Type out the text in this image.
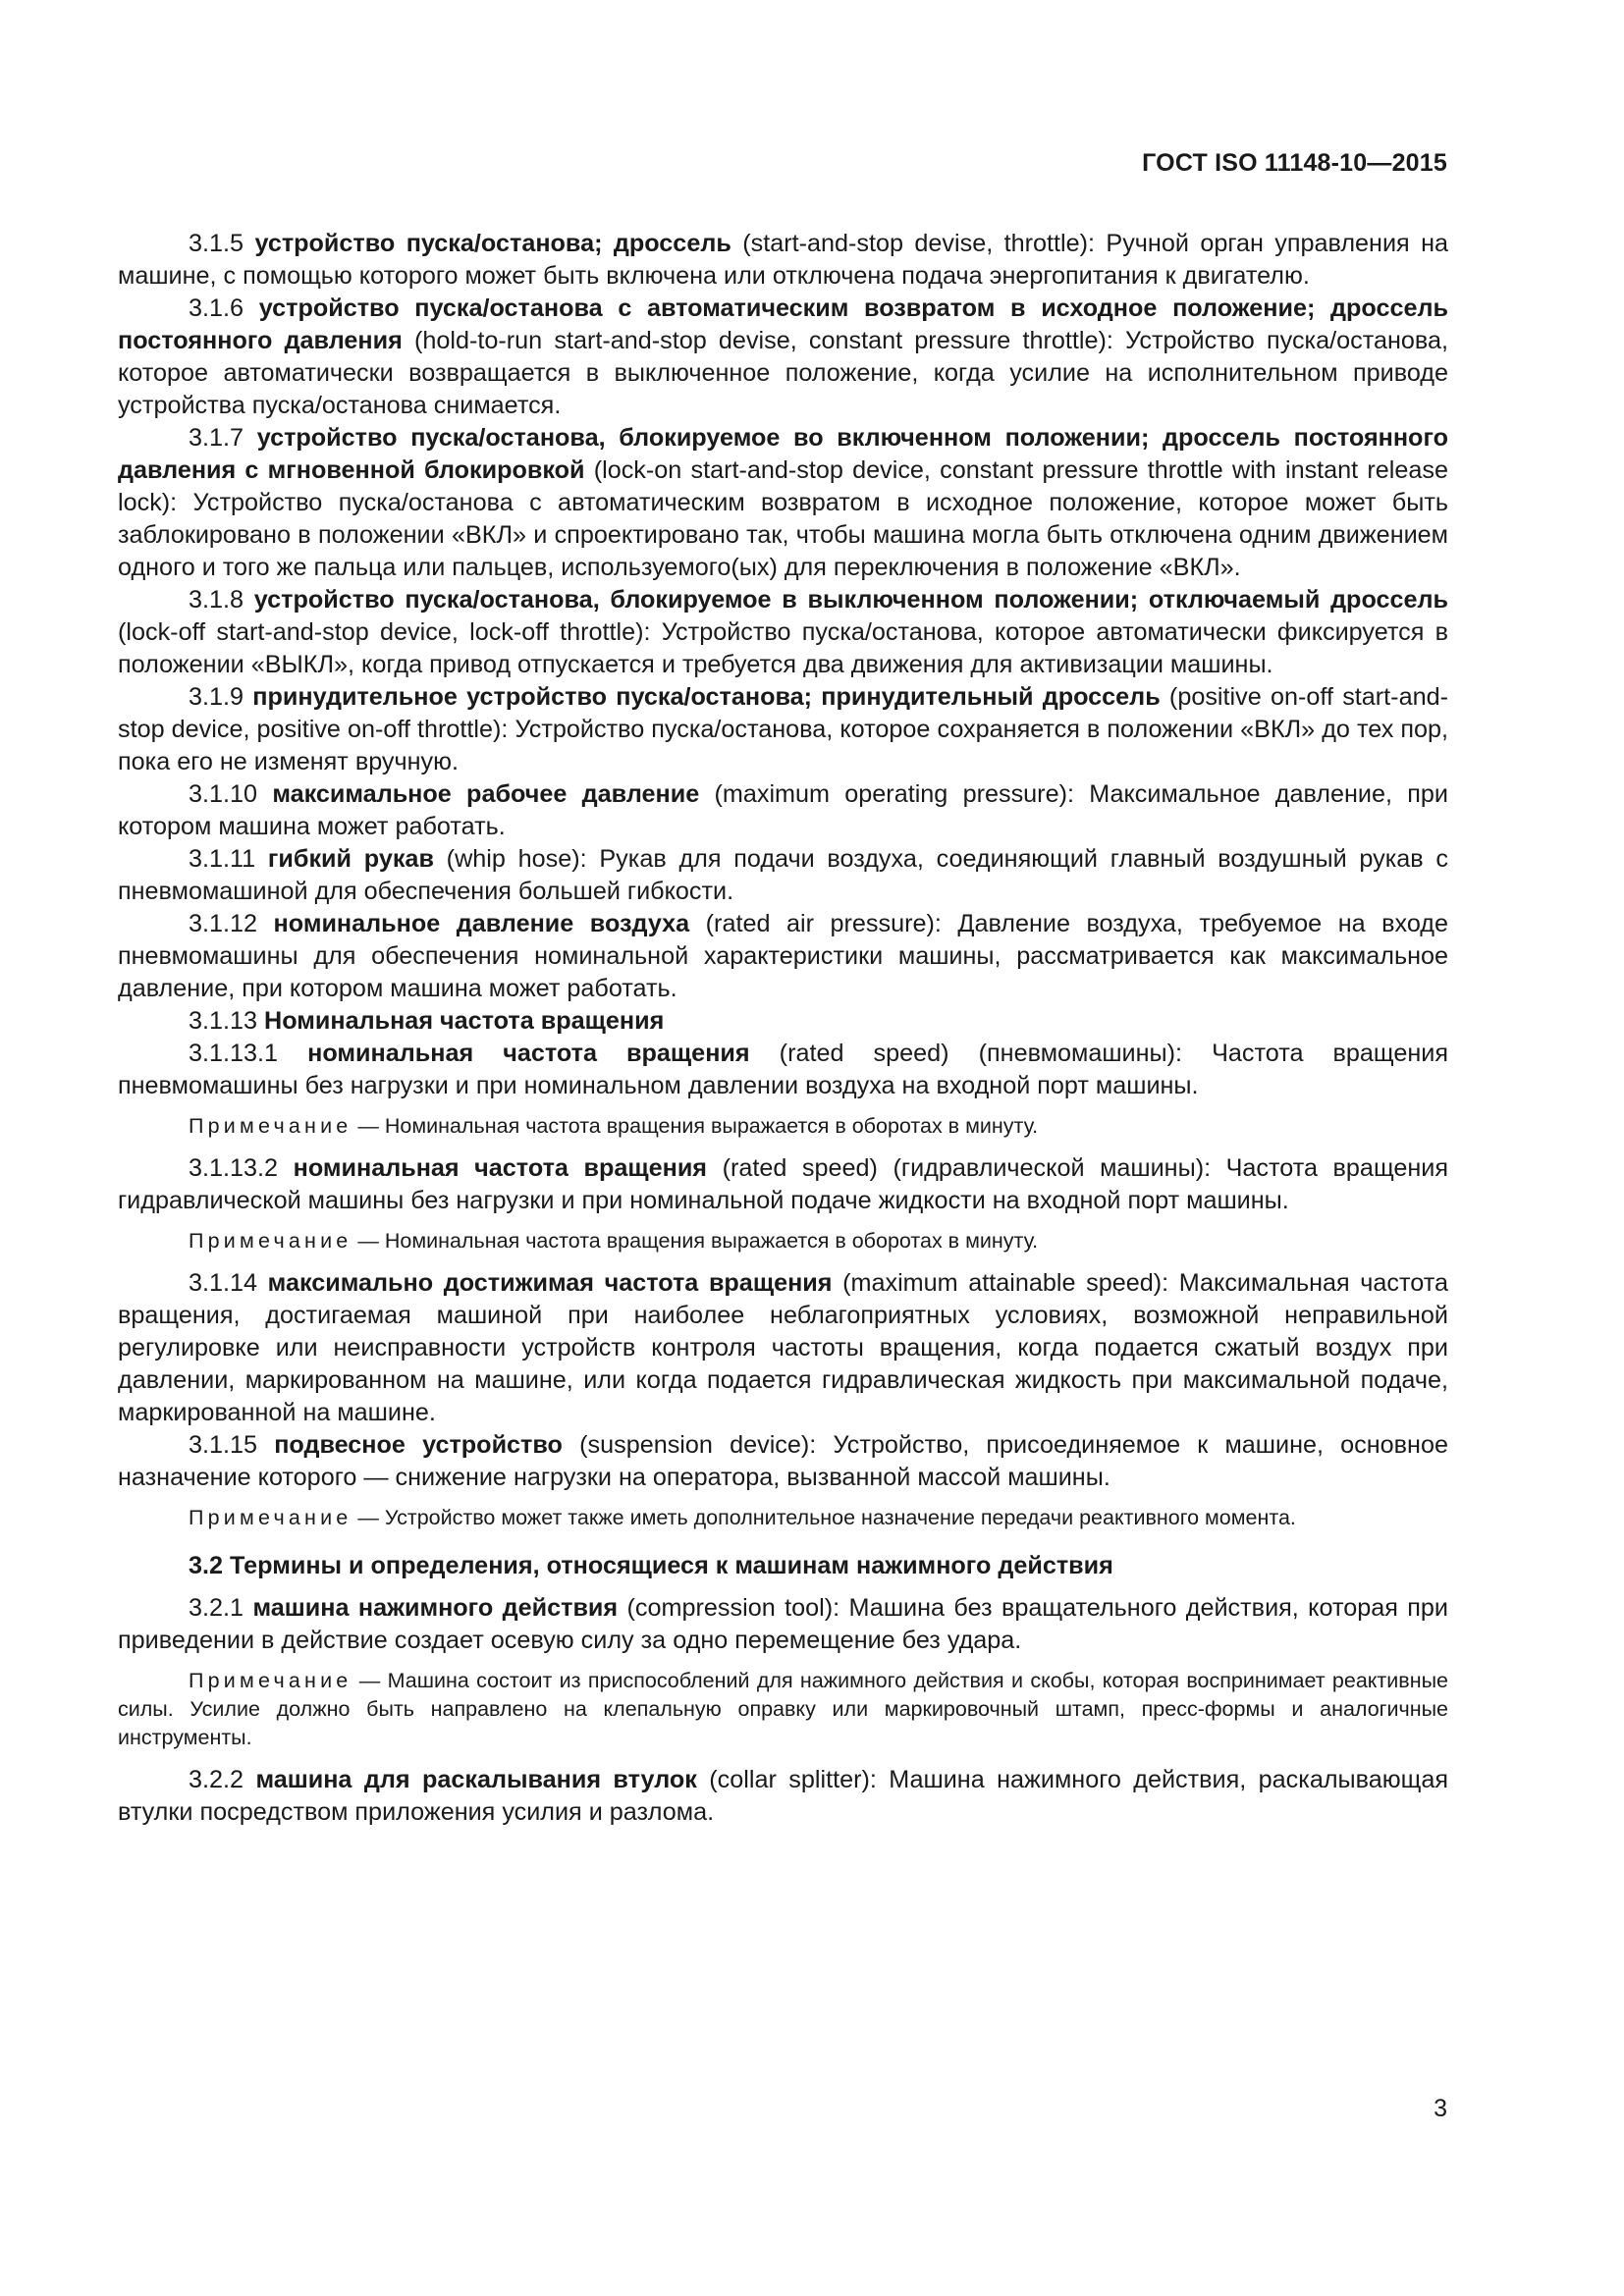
ГОСТ ISO 11148-10—2015

3.1.5 устройство пуска/останова; дроссель (start-and-stop devise, throttle): Ручной орган управления на машине, с помощью которого может быть включена или отключена подача энергопитания к двигателю.

3.1.6 устройство пуска/останова с автоматическим возвратом в исходное положение; дроссель постоянного давления (hold-to-run start-and-stop devise, constant pressure throttle): Устройство пуска/останова, которое автоматически возвращается в выключенное положение, когда усилие на исполнительном приводе устройства пуска/останова снимается.

3.1.7 устройство пуска/останова, блокируемое во включенном положении; дроссель постоянного давления с мгновенной блокировкой (lock-on start-and-stop device, constant pressure throttle with instant release lock): Устройство пуска/останова с автоматическим возвратом в исходное положение, которое может быть заблокировано в положении «ВКЛ» и спроектировано так, чтобы машина могла быть отключена одним движением одного и того же пальца или пальцев, используемого(ых) для переключения в положение «ВКЛ».

3.1.8 устройство пуска/останова, блокируемое в выключенном положении; отключаемый дроссель (lock-off start-and-stop device, lock-off throttle): Устройство пуска/останова, которое автоматически фиксируется в положении «ВЫКЛ», когда привод отпускается и требуется два движения для активизации машины.

3.1.9 принудительное устройство пуска/останова; принудительный дроссель (positive on-off start-and-stop device, positive on-off throttle): Устройство пуска/останова, которое сохраняется в положении «ВКЛ» до тех пор, пока его не изменят вручную.

3.1.10 максимальное рабочее давление (maximum operating pressure): Максимальное давление, при котором машина может работать.

3.1.11 гибкий рукав (whip hose): Рукав для подачи воздуха, соединяющий главный воздушный рукав с пневмомашиной для обеспечения большей гибкости.

3.1.12 номинальное давление воздуха (rated air pressure): Давление воздуха, требуемое на входе пневмомашины для обеспечения номинальной характеристики машины, рассматривается как максимальное давление, при котором машина может работать.

3.1.13 Номинальная частота вращения

3.1.13.1 номинальная частота вращения (rated speed) (пневмомашины): Частота вращения пневмомашины без нагрузки и при номинальном давлении воздуха на входной порт машины.

Примечание — Номинальная частота вращения выражается в оборотах в минуту.

3.1.13.2 номинальная частота вращения (rated speed) (гидравлической машины): Частота вращения гидравлической машины без нагрузки и при номинальной подаче жидкости на входной порт машины.

Примечание — Номинальная частота вращения выражается в оборотах в минуту.

3.1.14 максимально достижимая частота вращения (maximum attainable speed): Максимальная частота вращения, достигаемая машиной при наиболее неблагоприятных условиях, возможной неправильной регулировке или неисправности устройств контроля частоты вращения, когда подается сжатый воздух при давлении, маркированном на машине, или когда подается гидравлическая жидкость при максимальной подаче, маркированной на машине.

3.1.15 подвесное устройство (suspension device): Устройство, присоединяемое к машине, основное назначение которого — снижение нагрузки на оператора, вызванной массой машины.

Примечание — Устройство может также иметь дополнительное назначение передачи реактивного момента.

3.2 Термины и определения, относящиеся к машинам нажимного действия

3.2.1 машина нажимного действия (compression tool): Машина без вращательного действия, которая при приведении в действие создает осевую силу за одно перемещение без удара.

Примечание — Машина состоит из приспособлений для нажимного действия и скобы, которая воспринимает реактивные силы. Усилие должно быть направлено на клепальную оправку или маркировочный штамп, пресс-формы и аналогичные инструменты.

3.2.2 машина для раскалывания втулок (collar splitter): Машина нажимного действия, раскалывающая втулки посредством приложения усилия и разлома.

3
